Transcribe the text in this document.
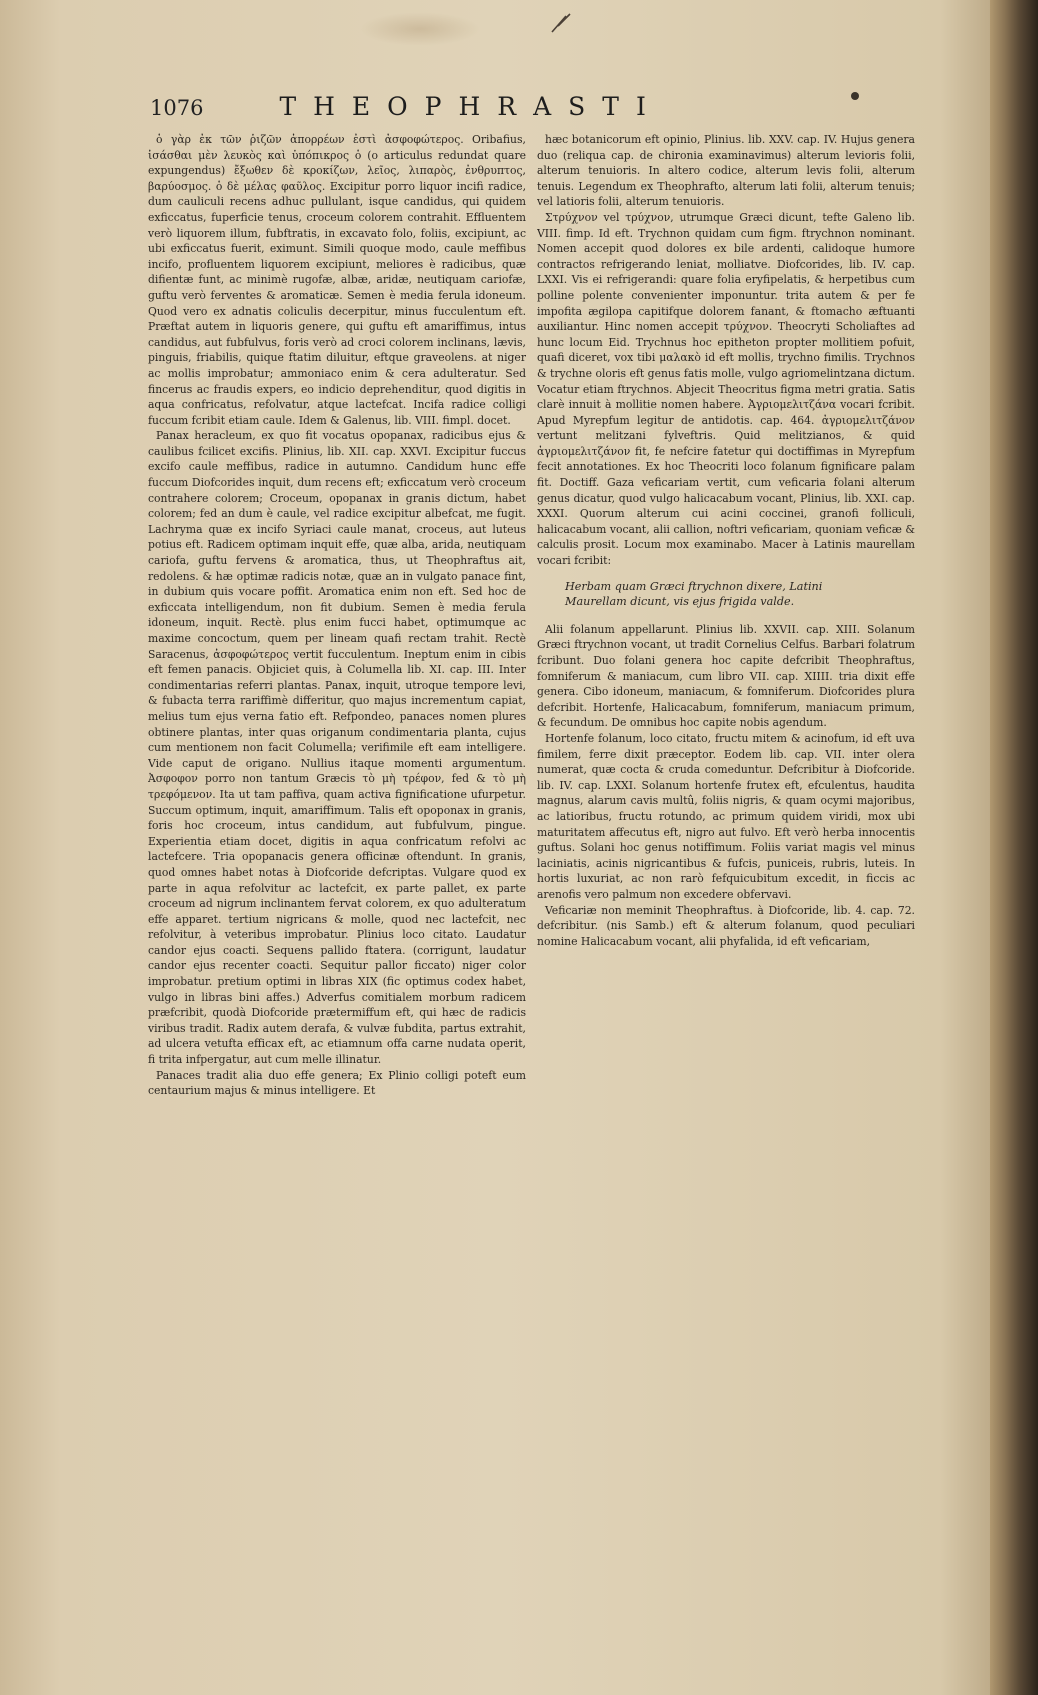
1076	THEOPHRASTI

ὁ γὰρ ἐκ τῶν ῥιζῶν ἀπορρέων ἐστὶ ἀσφοφώτερος. Oribafius, ἰσάσθαι μὲν λευκὸς καὶ ὑπόπικρος ὁ (o articulus redundat quare expungendus) ἔξωθεν δὲ κροκίζων, λεῖος, λιπαρὸς, ἐνθρυπτος, βαρύοσμος. ὁ δὲ μέλας φαῦλος. Excipitur porro liquor incifi radice, dum cauliculi recens adhuc pullulant, isque candidus, qui quidem exficcatus, fuperficie tenus, croceum colorem contrahit. Effluentem verò liquorem illum, fubftratis, in excavato folo, foliis, excipiunt, ac ubi exficcatus fuerit, eximunt. Simili quoque modo, caule meffibus incifo, profluentem liquorem excipiunt, meliores è radicibus, quæ difientæ funt, ac minimè rugofæ, albæ, aridæ, neutiquam cariofæ, guftu verò ferventes & aromaticæ. Semen è media ferula idoneum. Quod vero ex adnatis coliculis decerpitur, minus fucculentum eft. Præftat autem in liquoris genere, qui guftu eft amariffimus, intus candidus, aut fubfulvus, foris verò ad croci colorem inclinans, lævis, pinguis, friabilis, quique ftatim diluitur, eftque graveolens. at niger ac mollis improbatur; ammoniaco enim & cera adulteratur. Sed fincerus ac fraudis expers, eo indicio deprehenditur, quod digitis in aqua confricatus, refolvatur, atque lactefcat. Incifa radice colligi fuccum fcribit etiam caule. Idem & Galenus, lib. VIII. fimpl. docet.

Panax heracleum, ex quo fit vocatus opopanax, radicibus ejus & caulibus fcilicet excifis. Plinius, lib. XII. cap. XXVI. Excipitur fuccus excifo caule meffibus, radice in autumno. Candidum hunc effe fuccum Diofcorides inquit, dum recens eft; exficcatum verò croceum contrahere colorem; Croceum, opopanax in granis dictum, habet colorem; fed an dum è caule, vel radice excipitur albefcat, me fugit. Lachryma quæ ex incifo Syriaci caule manat, croceus, aut luteus potius eft. Radicem optimam inquit effe, quæ alba, arida, neutiquam cariofa, guftu fervens & aromatica, thus, ut Theophraftus ait, redolens. & hæ optimæ radicis notæ, quæ an in vulgato panace fint, in dubium quis vocare poffit. Aromatica enim non eft. Sed hoc de exficcata intelligendum, non fit dubium. Semen è media ferula idoneum, inquit. Rectè. plus enim fucci habet, optimumque ac maxime concoctum, quem per lineam quafi rectam trahit. Rectè Saracenus, ἀσφοφώτερος vertit fucculentum. Ineptum enim in cibis eft femen panacis. Objiciet quis, à Columella lib. XI. cap. III. Inter condimentarias referri plantas. Panax, inquit, utroque tempore levi, & fubacta terra rariffimè differitur, quo majus incrementum capiat, melius tum ejus verna fatio eft. Refpondeo, panaces nomen plures obtinere plantas, inter quas origanum condimentaria planta, cujus cum mentionem non facit Columella; verifimile eft eam intelligere. Vide caput de origano. Nullius itaque momenti argumentum. Ἀσφοφον porro non tantum Græcis τὸ μὴ τρέφον, fed & τὸ μὴ τρεφόμενον. Ita ut tam paffiva, quam activa fignificatione ufurpetur. Succum optimum, inquit, amariffimum. Talis eft opoponax in granis, foris hoc croceum, intus candidum, aut fubfulvum, pingue. Experientia etiam docet, digitis in aqua confricatum refolvi ac lactefcere. Tria opopanacis genera officinæ oftendunt. In granis, quod omnes habet notas à Diofcoride defcriptas. Vulgare quod ex parte in aqua refolvitur ac lactefcit, ex parte pallet, ex parte croceum ad nigrum inclinantem fervat colorem, ex quo adulteratum effe apparet. tertium nigricans & molle, quod nec lactefcit, nec refolvitur, à veteribus improbatur. Plinius loco citato. Laudatur candor ejus coacti. Sequens pallido ftatera. (corrigunt, laudatur candor ejus recenter coacti. Sequitur pallor ficcato) niger color improbatur. pretium optimi in libras XIX (fic optimus codex habet, vulgo in libras bini affes.) Adverfus comitialem morbum radicem præfcribit, quodà Diofcoride prætermiffum eft, qui hæc de radicis viribus tradit. Radix autem derafa, & vulvæ fubdita, partus extrahit, ad ulcera vetufta efficax eft, ac etiamnum offa carne nudata operit, fi trita infpergatur, aut cum melle illinatur.

Panaces tradit alia duo effe genera; Ex Plinio colligi poteft eum centaurium majus & minus intelligere. Et

hæc botanicorum eft opinio, Plinius. lib. XXV. cap. IV. Hujus genera duo (reliqua cap. de chironia examinavimus) alterum levioris folii, alterum tenuioris. In altero codice, alterum levis folii, alterum tenuis. Legendum ex Theophrafto, alterum lati folii, alterum tenuis; vel latioris folii, alterum tenuioris.

Στρύχνον vel τρύχνον, utrumque Græci dicunt, tefte Galeno lib. VIII. fimp. Id eft. Trychnon quidam cum figm. ftrychnon nominant. Nomen accepit quod dolores ex bile ardenti, calidoque humore contractos refrigerando leniat, molliatve. Diofcorides, lib. IV. cap. LXXI. Vis ei refrigerandi: quare folia eryfipelatis, & herpetibus cum polline polente convenienter imponuntur. trita autem & per fe impofita ægilopa capitifque dolorem fanant, & ftomacho æftuanti auxiliantur. Hinc nomen accepit τρύχνον. Theocryti Scholiaftes ad hunc locum Eid. Trychnus hoc epitheton propter mollitiem pofuit, quafi diceret, vox tibi μαλακὸ id eft mollis, trychno fimilis. Trychnos & trychne oloris eft genus fatis molle, vulgo agriomelintzana dictum. Vocatur etiam ftrychnos. Abjecit Theocritus figma metri gratia. Satis clarè innuit à mollitie nomen habere. Ἀγριομελιτζάνα vocari fcribit. Apud Myrepfum legitur de antidotis. cap. 464. ἀγριομελιτζάνον vertunt melitzani fylveftris. Quid melitzianos, & quid ἀγριομελιτζάνον fit, fe nefcire fatetur qui doctiffimas in Myrepfum fecit annotationes. Ex hoc Theocriti loco folanum fignificare palam fit. Doctiff. Gaza veficariam vertit, cum veficaria folani alterum genus dicatur, quod vulgo halicacabum vocant, Plinius, lib. XXI. cap. XXXI. Quorum alterum cui acini coccinei, granofi folliculi, halicacabum vocant, alii callion, noftri veficariam, quoniam veficæ & calculis prosit. Locum mox examinabo. Macer à Latinis maurellam vocari fcribit:

Herbam quam Græci ftrychnon dixere, Latini
Maurellam dicunt, vis ejus frigida valde.

Alii folanum appellarunt. Plinius lib. XXVII. cap. XIII. Solanum Græci ftrychnon vocant, ut tradit Cornelius Celfus. Barbari folatrum fcribunt. Duo folani genera hoc capite defcribit Theophraftus, fomniferum & maniacum, cum libro VII. cap. XIIII. tria dixit effe genera. Cibo idoneum, maniacum, & fomniferum. Diofcorides plura defcribit. Hortenfe, Halicacabum, fomniferum, maniacum primum, & fecundum. De omnibus hoc capite nobis agendum.

Hortenfe folanum, loco citato, fructu mitem & acinofum, id eft uva fimilem, ferre dixit præceptor. Eodem lib. cap. VII. inter olera numerat, quæ cocta & cruda comeduntur. Defcribitur à Diofcoride. lib. IV. cap. LXXI. Solanum hortenfe frutex eft, efculentus, haudita magnus, alarum cavis multû, foliis nigris, & quam ocymi majoribus, ac latioribus, fructu rotundo, ac primum quidem viridi, mox ubi maturitatem affecutus eft, nigro aut fulvo. Eft verò herba innocentis guftus. Solani hoc genus notiffimum. Foliis variat magis vel minus laciniatis, acinis nigricantibus & fufcis, puniceis, rubris, luteis. In hortis luxuriat, ac non rarò fefquicubitum excedit, in ficcis ac arenofis vero palmum non excedere obfervavi.

Veficariæ non meminit Theophraftus. à Diofcoride, lib. 4. cap. 72. defcribitur. (nis Samb.) eft & alterum folanum, quod peculiari nomine Halicacabum vocant, alii phyfalida, id eft veficariam,
